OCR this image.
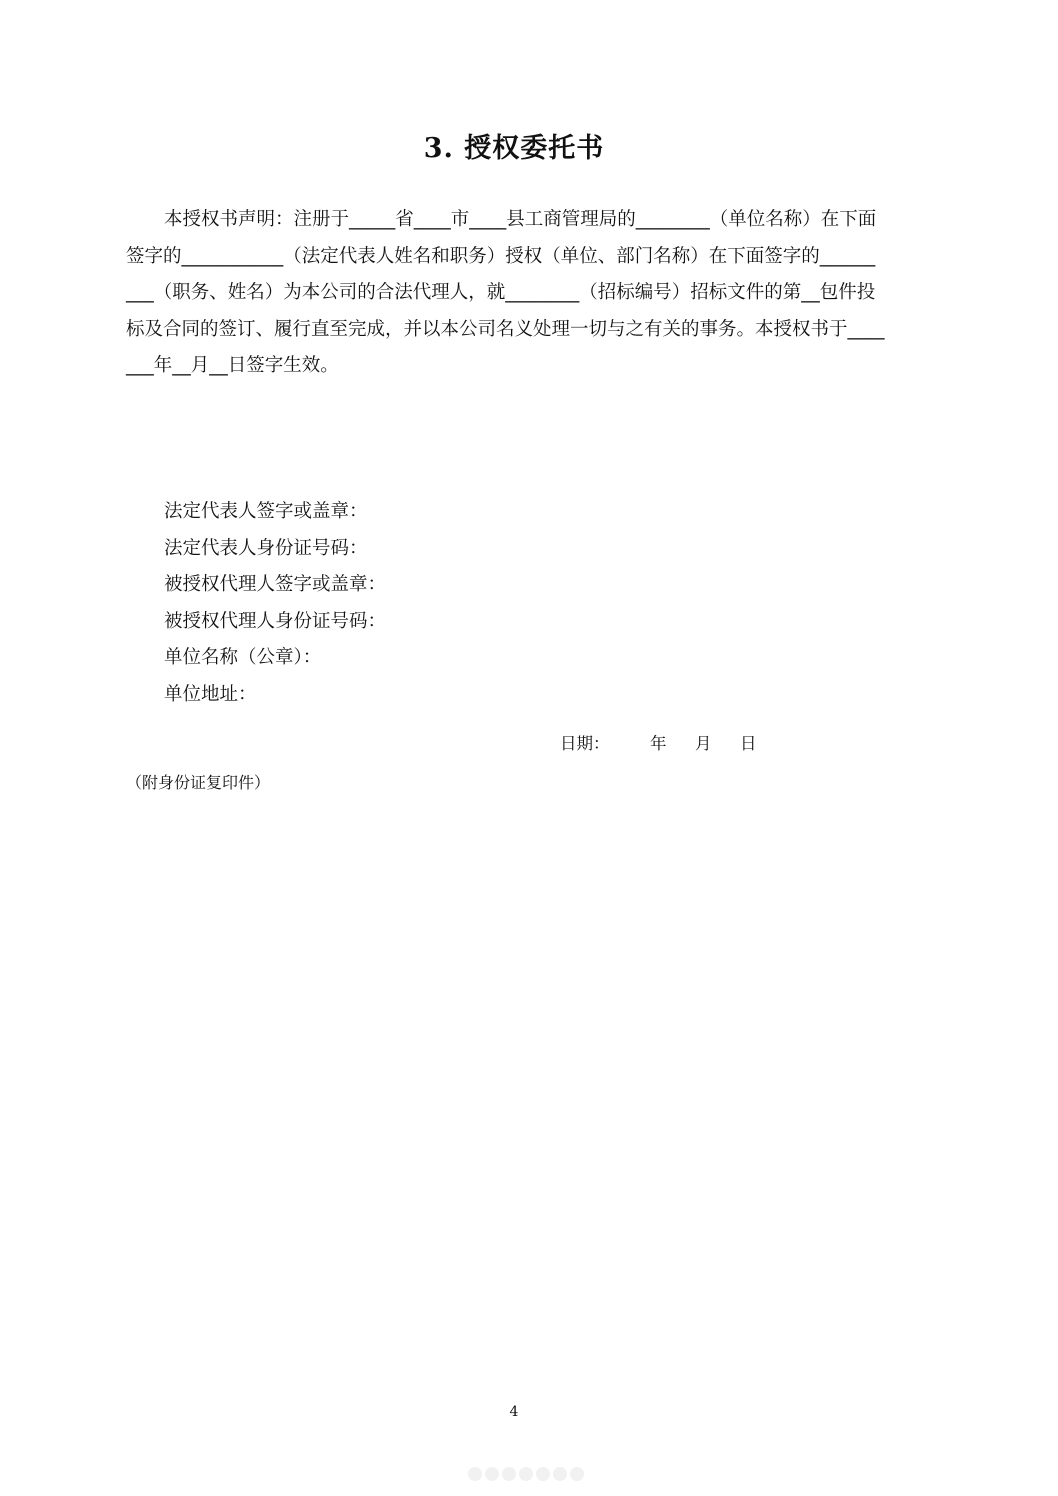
3. 授权委托书
本授权书声明：注册于_____省____市____县工商管理局的________（单位名称）在下面
签字的___________（法定代表人姓名和职务）授权（单位、部门名称）在下面签字的______
___（职务、姓名）为本公司的合法代理人，就________（招标编号）招标文件的第__包件投
标及合同的签订、履行直至完成，并以本公司名义处理一切与之有关的事务。本授权书于____
___年__月__日签字生效。
法定代表人签字或盖章：
法定代表人身份证号码：
被授权代理人签字或盖章：
被授权代理人身份证号码：
单位名称（公章）：
单位地址：
日期： 年 月 日
（附身份证复印件）
4
